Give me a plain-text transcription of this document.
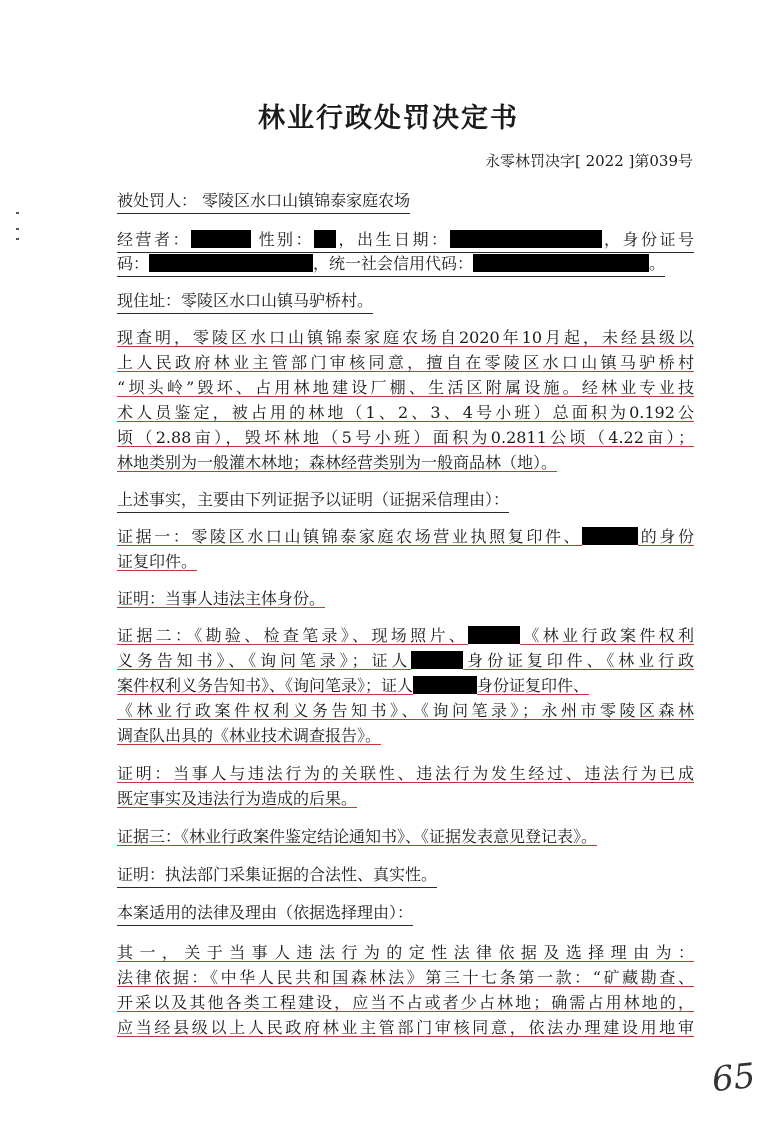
林业行政处罚决定书
永零林罚决字[ 2022 ]第039号
被处罚人： 零陵区水口山镇锦泰家庭农场
经营者：	性别： ，出生日期：	，身份证号
码：	，统一社会信用代码：	。
现住址：零陵区水口山镇马驴桥村。
现查明，零陵区水口山镇锦泰家庭农场自2020年10月起，未经县级以
上人民政府林业主管部门审核同意，擅自在零陵区水口山镇马驴桥村
“坝头岭”毁坏、占用林地建设厂棚、生活区附属设施。经林业专业技
术人员鉴定，被占用的林地（1、2、3、4号小班）总面积为0.192公
顷（2.88亩），毁坏林地（5号小班）面积为0.2811公顷（4.22亩）；
林地类别为一般灌木林地；森林经营类别为一般商品林（地）。
上述事实，主要由下列证据予以证明（证据采信理由）：
证据一：零陵区水口山镇锦泰家庭农场营业执照复印件、	的身份
证复印件。
证明：当事人违法主体身份。
证据二：《勘验、检查笔录》、现场照片、	《林业行政案件权利
义务告知书》、《询问笔录》；证人	身份证复印件、《林业行政
案件权利义务告知书》、《询问笔录》；证人	身份证复印件、
《林业行政案件权利义务告知书》、《询问笔录》；永州市零陵区森林
调查队出具的《林业技术调查报告》。
证明：当事人与违法行为的关联性、违法行为发生经过、违法行为已成
既定事实及违法行为造成的后果。
证据三：《林业行政案件鉴定结论通知书》、《证据发表意见登记表》。
证明：执法部门采集证据的合法性、真实性。
本案适用的法律及理由（依据选择理由）：
其一，关于当事人违法行为的定性法律依据及选择理由为：
法律依据：《中华人民共和国森林法》第三十七条第一款：“矿藏勘查、
开采以及其他各类工程建设，应当不占或者少占林地；确需占用林地的，
应当经县级以上人民政府林业主管部门审核同意，依法办理建设用地审
65
